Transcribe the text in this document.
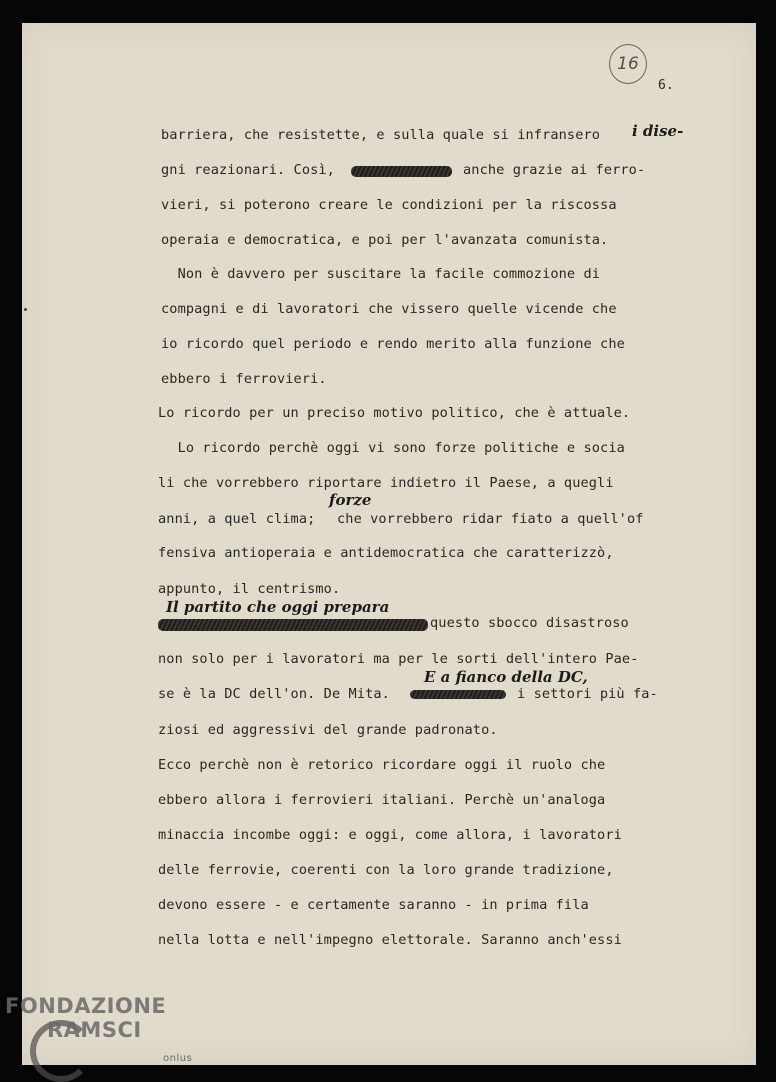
16
6.
barriera, che resistette, e sulla quale si infransero i dise-
gni reazionari. Così,	anche grazie ai ferro-
vieri, si poterono creare le condizioni per la riscossa
operaia e democratica, e poi per l'avanzata comunista.
Non è davvero per suscitare la facile commozione di
compagni e di lavoratori che vissero quelle vicende che
io ricordo quel periodo e rendo merito alla funzione che
ebbero i ferrovieri.
Lo ricordo per un preciso motivo politico, che è attuale.
Lo ricordo perchè oggi vi sono forze politiche e socia
li che vorrebbero riportare indietro il Paese, a quegli
anni, a quel clima;
forze
che vorrebbero ridar fiato a quell'of
fensiva antioperaia e antidemocratica che caratterizzò,
appunto, il centrismo.
Il partito che oggi prepara
questo sbocco disastroso
non solo per i lavoratori ma per le sorti dell'intero Pae-
se è la DC dell'on. De Mita.
E a fianco della DC,
i settori più fa-
ziosi ed aggressivi del grande padronato.
Ecco perchè non è retorico ricordare oggi il ruolo che
ebbero allora i ferrovieri italiani. Perchè un'analoga
minaccia incombe oggi: e oggi, come allora, i lavoratori
delle ferrovie, coerenti con la loro grande tradizione,
devono essere - e certamente saranno - in prima fila
nella lotta e nell'impegno elettorale. Saranno anch'essi
FONDAZIONE
RAMSCI
onlus
